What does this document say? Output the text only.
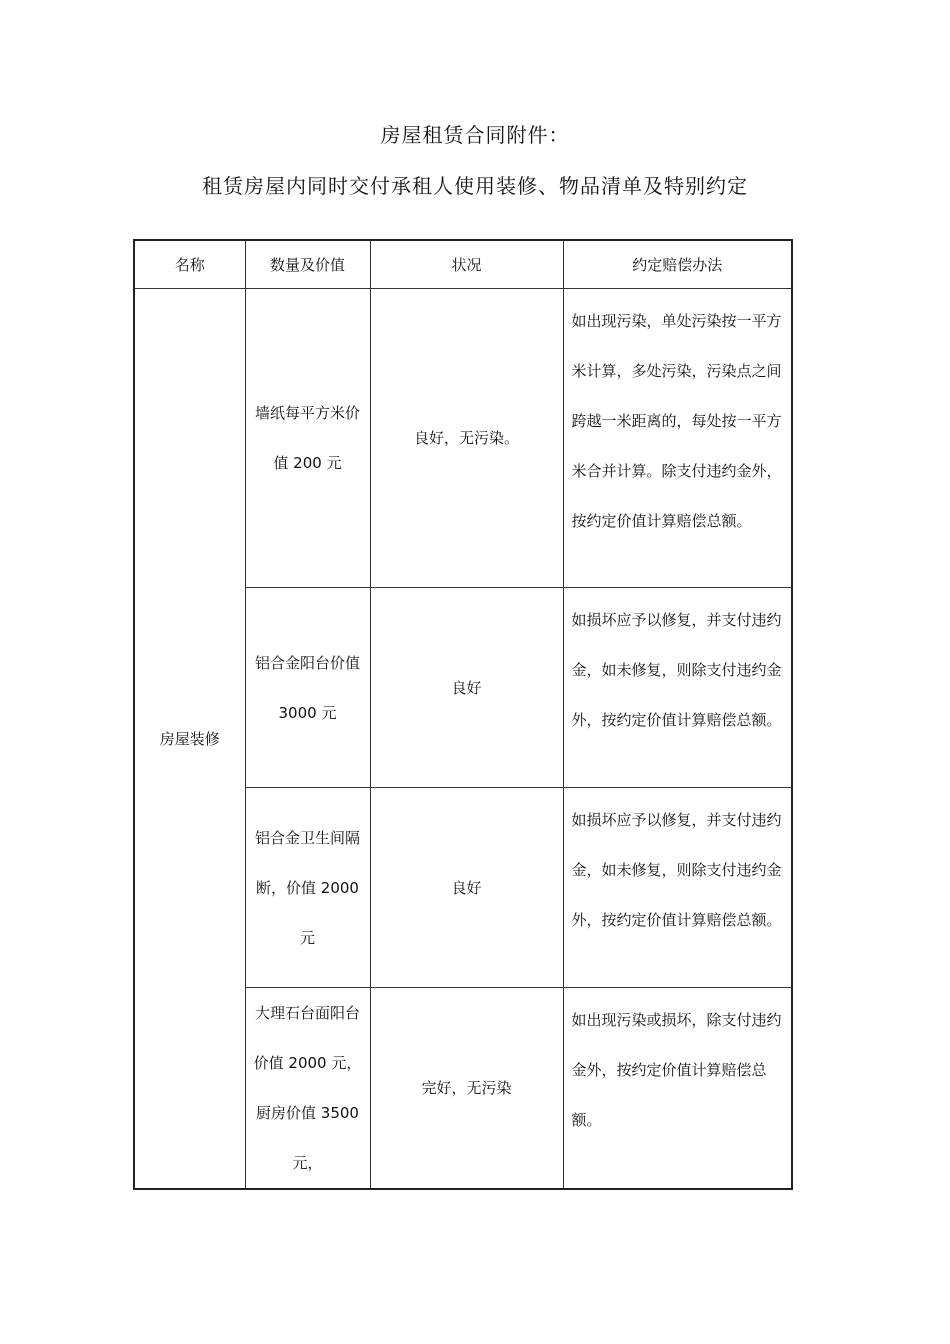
房屋租赁合同附件：
租赁房屋内同时交付承租人使用装修、物品清单及特别约定
名称	数量及价值	状况	约定赔偿办法
房屋装修	墙纸每平方米价值 200 元	良好，无污染。	如出现污染，单处污染按一平方米计算，多处污染，污染点之间跨越一米距离的，每处按一平方米合并计算。除支付违约金外，按约定价值计算赔偿总额。

	铝合金阳台价值 3000 元	良好	如损坏应予以修复，并支付违约金，如未修复，则除支付违约金外，按约定价值计算赔偿总额。

	铝合金卫生间隔断，价值 2000 元	良好	如损坏应予以修复，并支付违约金，如未修复，则除支付违约金外，按约定价值计算赔偿总额。

	大理石台面阳台价值 2000 元，厨房价值 3500 元，	完好，无污染	如出现污染或损坏，除支付违约金外，按约定价值计算赔偿总额。
